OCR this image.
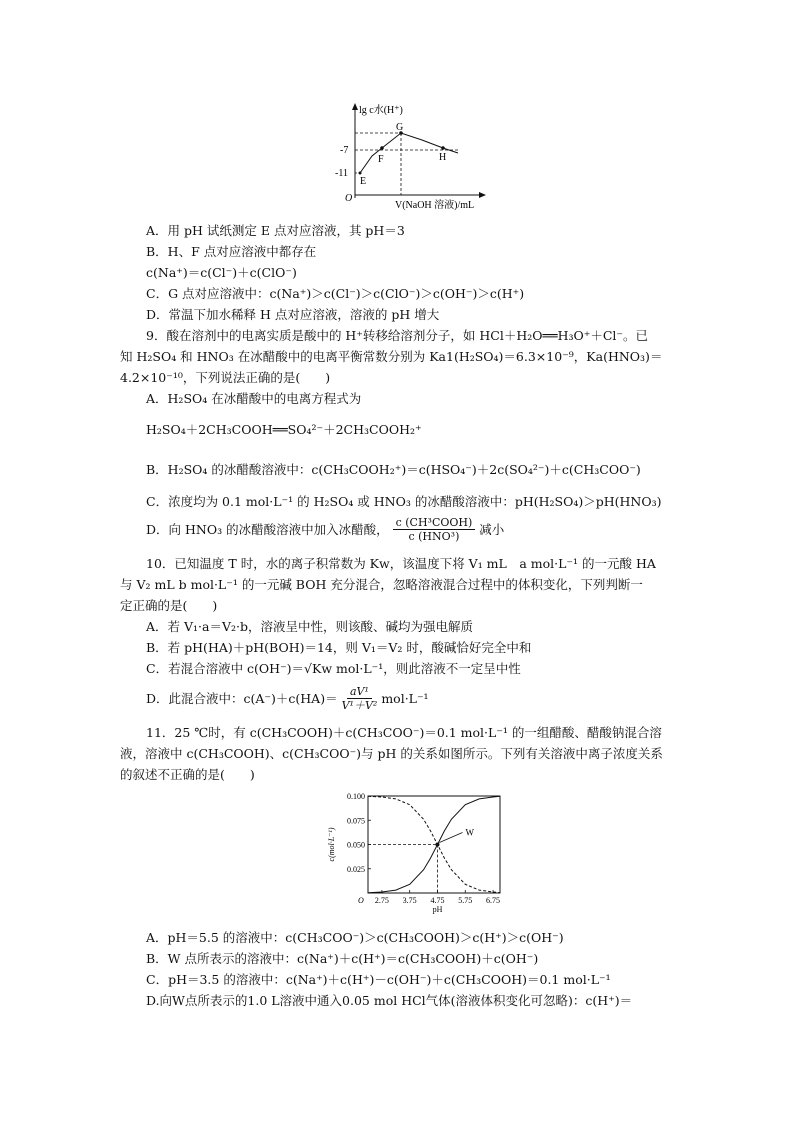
lg c水(H⁺)
V(NaOH 溶液)/mL
O
-7
-11
E
F
G
H
A．用 pH 试纸测定 E 点对应溶液，其 pH＝3
B．H、F 点对应溶液中都存在
c(Na⁺)＝c(Cl⁻)＋c(ClO⁻)
C．G 点对应溶液中：c(Na⁺)＞c(Cl⁻)＞c(ClO⁻)＞c(OH⁻)＞c(H⁺)
D．常温下加水稀释 H 点对应溶液，溶液的 pH 增大
9．酸在溶剂中的电离实质是酸中的 H⁺转移给溶剂分子，如 HCl＋H₂O══H₃O⁺＋Cl⁻。已
知 H₂SO₄ 和 HNO₃ 在冰醋酸中的电离平衡常数分别为 Ka1(H₂SO₄)＝6.3×10⁻⁹，Ka(HNO₃)＝
4.2×10⁻¹⁰，下列说法正确的是(　　)
A．H₂SO₄ 在冰醋酸中的电离方程式为
H₂SO₄＋2CH₃COOH══SO₄²⁻＋2CH₃COOH₂⁺
B．H₂SO₄ 的冰醋酸溶液中：c(CH₃COOH₂⁺)＝c(HSO₄⁻)＋2c(SO₄²⁻)＋c(CH₃COO⁻)
C．浓度均为 0.1 mol·L⁻¹ 的 H₂SO₄ 或 HNO₃ 的冰醋酸溶液中：pH(H₂SO₄)＞pH(HNO₃)
D．向 HNO₃ 的冰醋酸溶液中加入冰醋酸， c (CH³COOH)
c (HNO³) 减小
10．已知温度 T 时，水的离子积常数为 Kw，该温度下将 V₁ mL　a mol·L⁻¹ 的一元酸 HA
与 V₂ mL b mol·L⁻¹ 的一元碱 BOH 充分混合，忽略溶液混合过程中的体积变化，下列判断一
定正确的是(　　)
A．若 V₁·a＝V₂·b，溶液呈中性，则该酸、碱均为强电解质
B．若 pH(HA)＋pH(BOH)＝14，则 V₁＝V₂ 时，酸碱恰好完全中和
C．若混合溶液中 c(OH⁻)＝√Kw mol·L⁻¹，则此溶液不一定呈中性
D．此混合液中：$c(A^-)+c(HA)= \frac{\text{aV¹}}{\text{V¹＋V²}} mol\cdot L^{-1}$
11．25 ℃时，有 c(CH₃COOH)＋c(CH₃COO⁻)＝0.1 mol·L⁻¹ 的一组醋酸、醋酸钠混合溶
液，溶液中 c(CH₃COOH)、c(CH₃COO⁻)与 pH 的关系如图所示。下列有关溶液中离子浓度关系
的叙述不正确的是(　　)
2.75 3.75 4.75 5.75 6.75
0.025
0.050
0.075
0.100
pH
c(mol·L⁻¹)
O
W
A．pH＝5.5 的溶液中：c(CH₃COO⁻)＞c(CH₃COOH)＞c(H⁺)＞c(OH⁻)
B．W 点所表示的溶液中：c(Na⁺)＋c(H⁺)＝c(CH₃COOH)＋c(OH⁻)
C．pH＝3.5 的溶液中：c(Na⁺)＋c(H⁺)－c(OH⁻)＋c(CH₃COOH)＝0.1 mol·L⁻¹
D.向W点所表示的1.0 L溶液中通入0.05 mol HCl气体(溶液体积变化可忽略)：c(H⁺)＝
